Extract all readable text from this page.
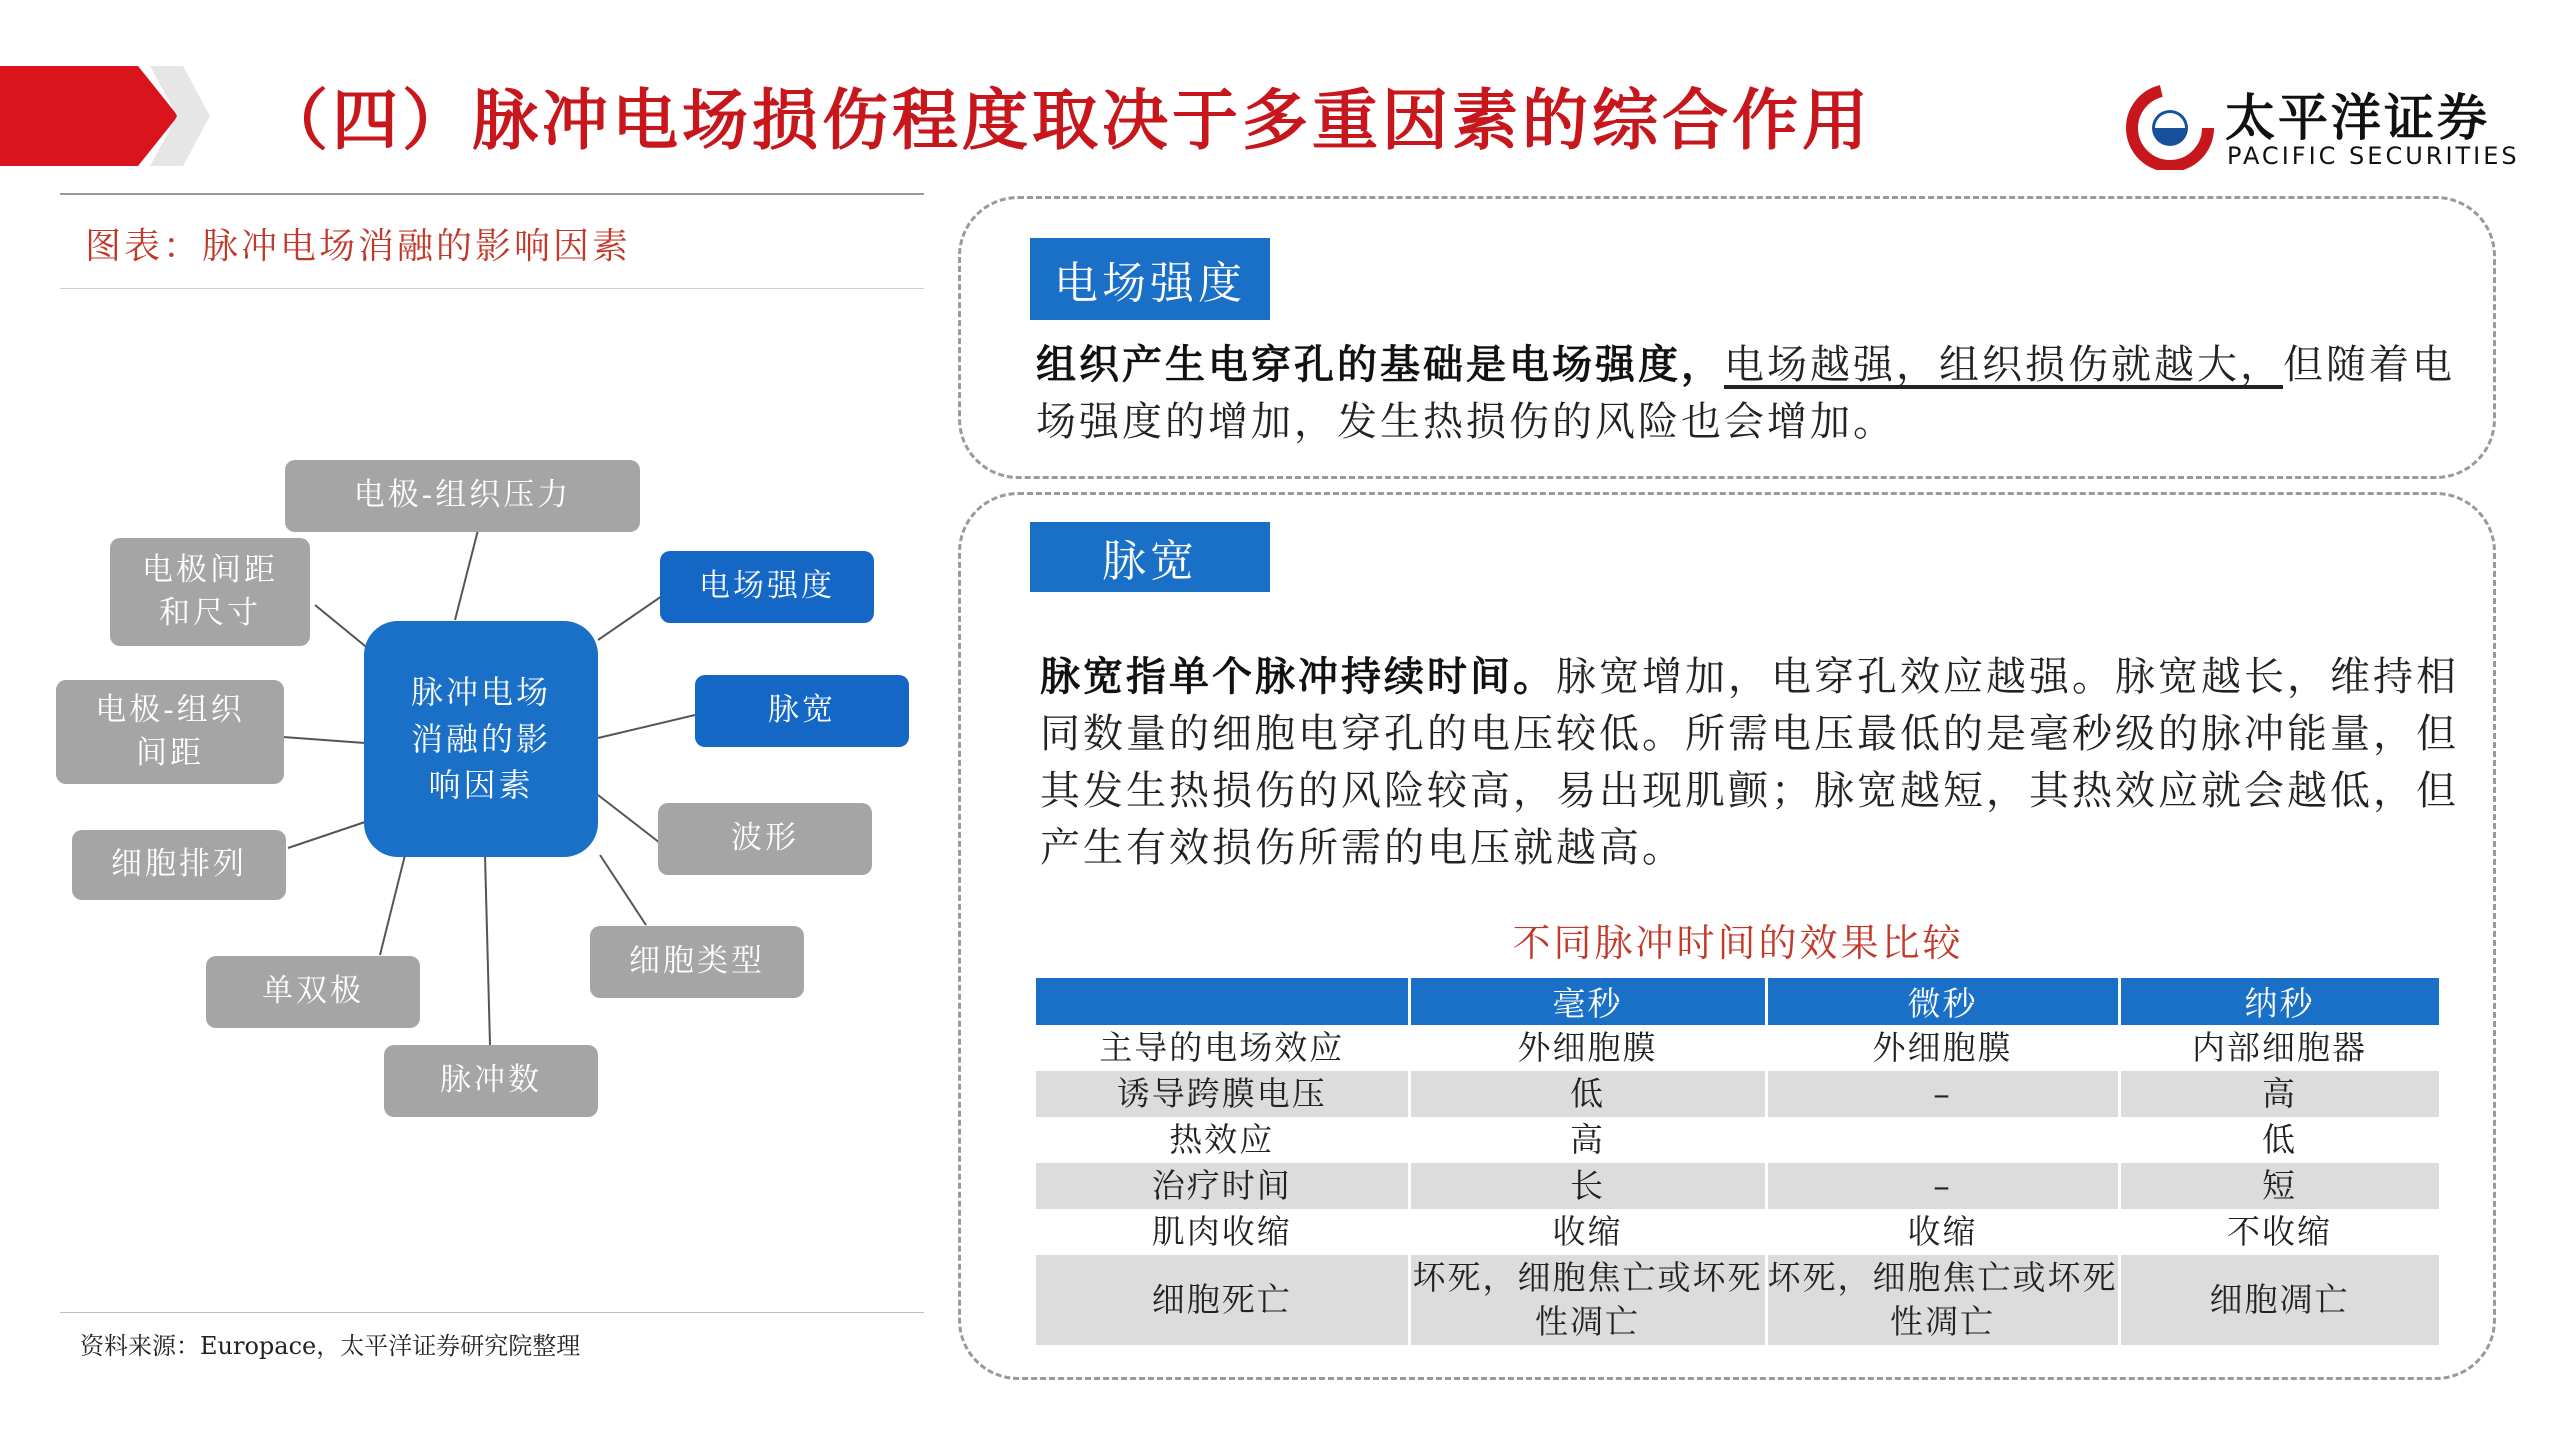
（四）脉冲电场损伤程度取决于多重因素的综合作用	太平洋证券
PACIFIC SECURITIES
图表：脉冲电场消融的影响因素
电极-组织压力
电极间距和尺寸
电极-组织间距
细胞排列
单双极
脉冲数
细胞类型
波形
脉宽
电场强度
脉冲电场消融的影响因素
资料来源：Europace，太平洋证券研究院整理
电场强度
组织产生电穿孔的基础是电场强度，电场越强，组织损伤就越大，但随着电场强度的增加，发生热损伤的风险也会增加。
脉宽
脉宽指单个脉冲持续时间。脉宽增加，电穿孔效应越强。脉宽越长，维持相同数量的细胞电穿孔的电压较低。所需电压最低的是毫秒级的脉冲能量，但其发生热损伤的风险较高，易出现肌颤；脉宽越短，其热效应就会越低，但产生有效损伤所需的电压就越高。
不同脉冲时间的效果比较
	毫秒	微秒	纳秒
主导的电场效应	外细胞膜	外细胞膜	内部细胞器
诱导跨膜电压	低	–	高
热效应	高		低
治疗时间	长	–	短
肌肉收缩	收缩	收缩	不收缩
细胞死亡	坏死，细胞焦亡或坏死性凋亡	坏死，细胞焦亡或坏死性凋亡	细胞凋亡
